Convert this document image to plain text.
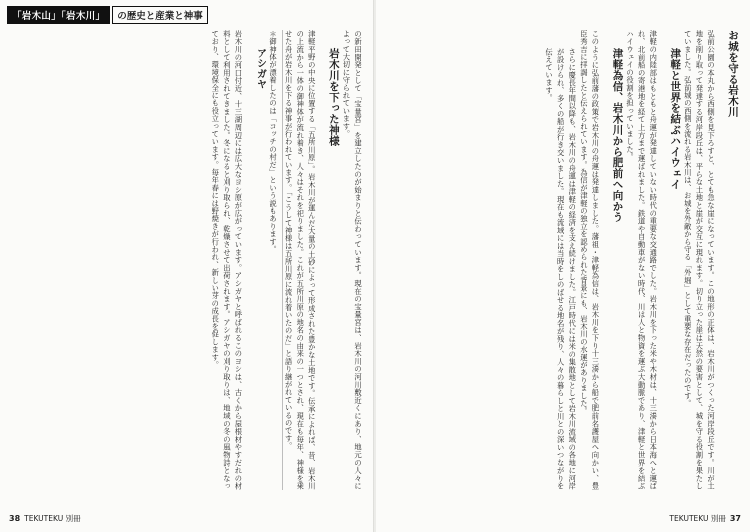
「岩木山」「岩木川」	の歴史と産業と神事

の新田開発として「宝量宮」を建立したのが始まりと伝わっています。現在の宝量宮は、岩木川の河川敷近くにあり、地元の人々によって大切に守られています。

岩木川を下った神様

津軽平野の中央に位置する「五所川原」。岩木川が運んだ大量の土砂によって形成された豊かな土地です。伝承によれば、昔、岩木川の上流から一体の御神体が流れ着き、人々はそれを祀りました。これが五所川原の地名の由来の一つとされ、現在も毎年、神様を乗せた舟が岩木川を下る神事が行われています。「こうして神様は五所川原に流れ着いたのだ」と語り継がれているのです。

＊御神体が漂着したのは「コッチの村だ」という説もあります。

アシガヤ

岩木川の河口付近、十三湖周辺には広大なヨシ原が広がっています。アシガヤと呼ばれるこのヨシは、古くから屋根材やすだれの材料として利用されてきました。冬になると刈り取られ、乾燥させて出荷されます。アシガヤの刈り取りは、地域の冬の風物詩となっており、環境保全にも役立っています。毎年春には野焼きが行われ、新しい芽の成長を促します。

38 TEKUTEKU 別冊

お城を守る岩木川

弘前公園の本丸から西側を見下ろすと、とても急な崖になっています。この地形の正体は、岩木川がつくった河岸段丘です。川が土地を削り取って発達する河岸段丘は、平らな土地と崖が交互に現れます。切り立った崖は天然の要害として、城を守る役割を果たしていました。弘前城の西側を流れる岩木川は、お城を外敵から守る「外堀」として重要な存在だったのです。

津軽と世界を結ぶハイウェイ

津軽の内陸部はもともと舟運が発達していない時代の重要な交通路でした。岩木川を下った米や木材は、十三湊から日本海へと運ばれ、北前船の寄港地を経て上方まで運ばれました。鉄道や自動車がない時代、川は人と物資を運ぶ大動脈であり、津軽と世界を結ぶハイウェイの役割を担っていました。

津軽為信、岩木川から肥前へ向かう

このように弘前藩の政策で岩木川の舟運は発達しました。藩祖・津軽為信は、岩木川を下り十三湊から船で肥前名護屋へ向かい、豊臣秀吉に拝謁したと伝えられています。為信が津軽の独立を認められた背景にも、岩木川の水運がありました。

さらに慶長年間以降も、岩木川の舟運は津軽の経済を支え続けました。江戸時代には米の集散地として岩木川流域の各地に河岸が設けられ、多くの船が行き交いました。現在も流域には当時をしのばせる地名が残り、人々の暮らしと川との深いつながりを伝えています。

TEKUTEKU 別冊 37
